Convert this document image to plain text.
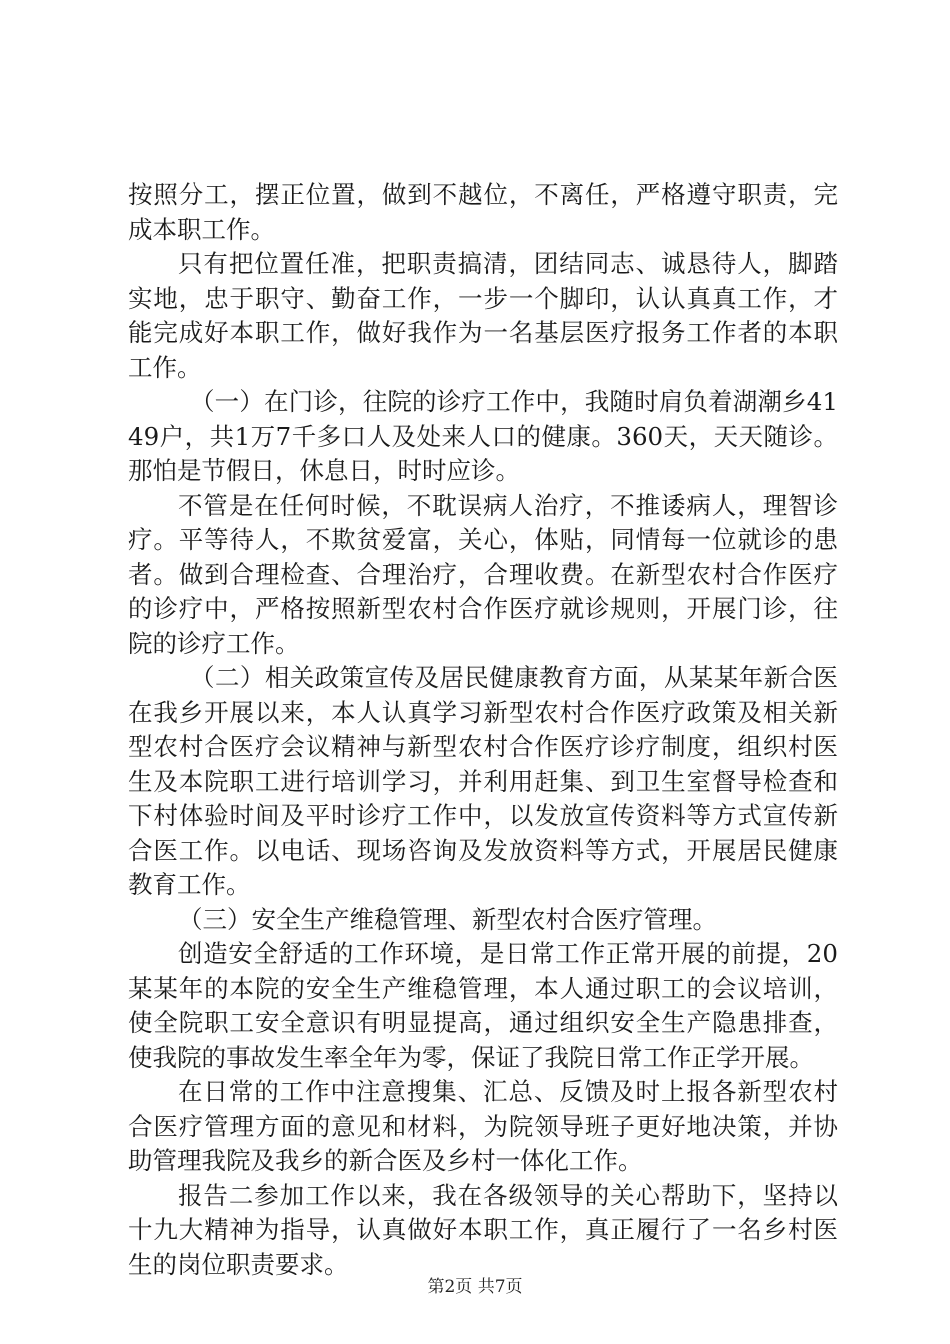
按照分工，摆正位置，做到不越位，不离任，严格遵守职责，完成本职工作。

只有把位置任准，把职责搞清，团结同志、诚恳待人，脚踏实地，忠于职守、勤奋工作，一步一个脚印，认认真真工作，才能完成好本职工作，做好我作为一名基层医疗报务工作者的本职工作。

（一）在门诊，往院的诊疗工作中，我随时肩负着湖潮乡4149户，共1万7千多口人及处来人口的健康。360天，天天随诊。那怕是节假日，休息日，时时应诊。

不管是在任何时候，不耽误病人治疗，不推诿病人，理智诊疗。平等待人，不欺贫爱富，关心，体贴，同情每一位就诊的患者。做到合理检查、合理治疗，合理收费。在新型农村合作医疗的诊疗中，严格按照新型农村合作医疗就诊规则，开展门诊，往院的诊疗工作。

（二）相关政策宣传及居民健康教育方面，从某某年新合医在我乡开展以来，本人认真学习新型农村合作医疗政策及相关新型农村合医疗会议精神与新型农村合作医疗诊疗制度，组织村医生及本院职工进行培训学习，并利用赶集、到卫生室督导检查和下村体验时间及平时诊疗工作中，以发放宣传资料等方式宣传新合医工作。以电话、现场咨询及发放资料等方式，开展居民健康教育工作。

（三）安全生产维稳管理、新型农村合医疗管理。

创造安全舒适的工作环境，是日常工作正常开展的前提，20某某年的本院的安全生产维稳管理，本人通过职工的会议培训，使全院职工安全意识有明显提高，通过组织安全生产隐患排查，使我院的事故发生率全年为零，保证了我院日常工作正学开展。

在日常的工作中注意搜集、汇总、反馈及时上报各新型农村合医疗管理方面的意见和材料，为院领导班子更好地决策，并协助管理我院及我乡的新合医及乡村一体化工作。

报告二参加工作以来，我在各级领导的关心帮助下，坚持以十九大精神为指导，认真做好本职工作，真正履行了一名乡村医生的岗位职责要求。

第2页 共7页
